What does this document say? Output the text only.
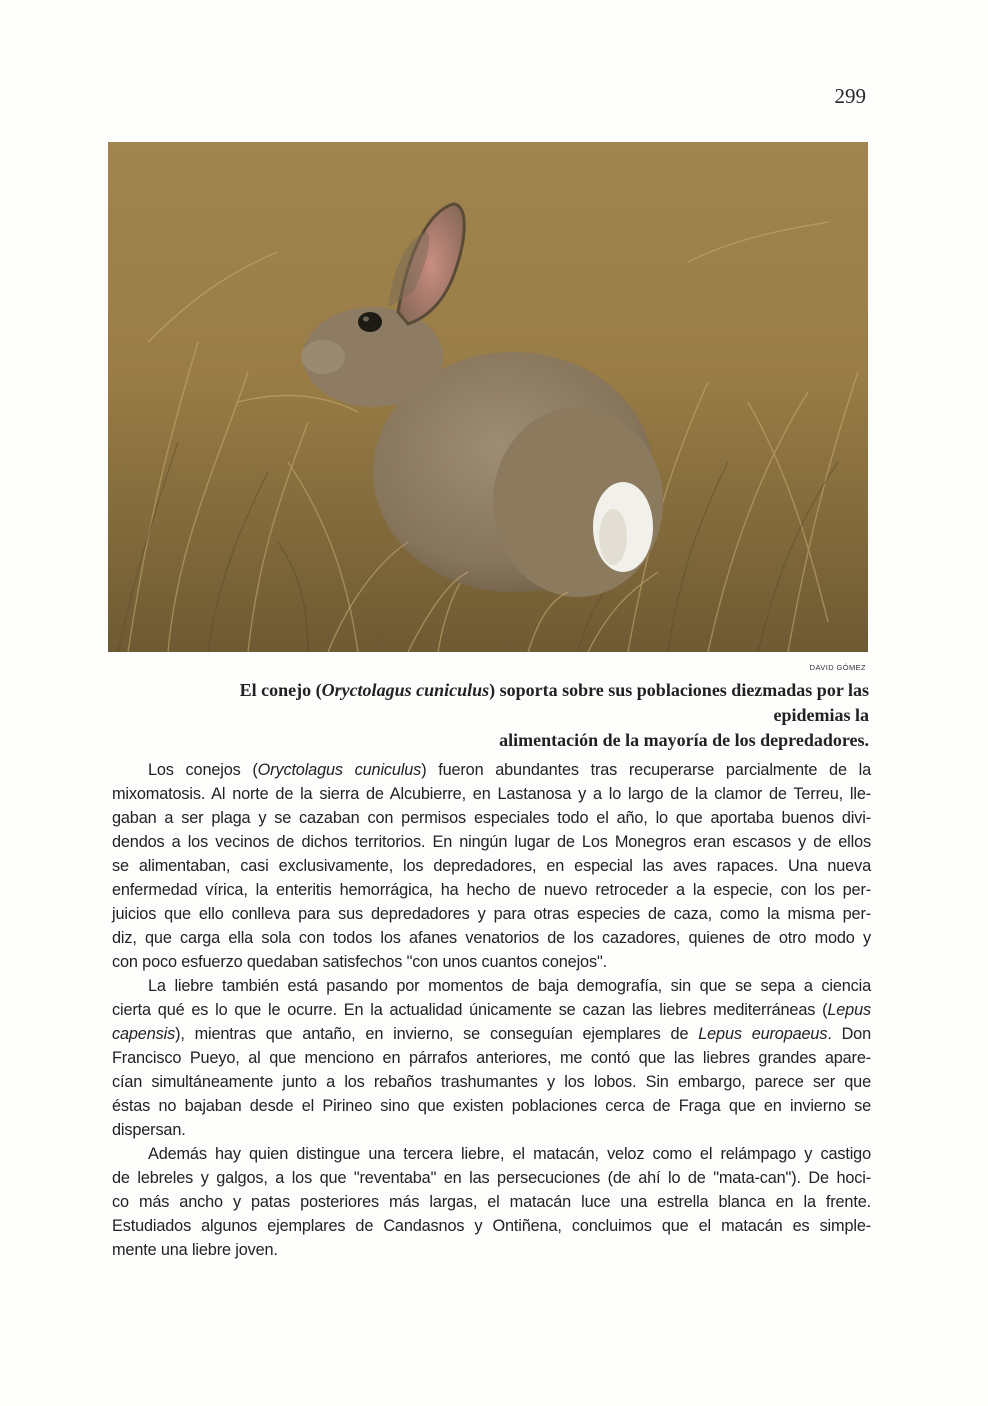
299
DAVID GÓMEZ
El conejo (Oryctolagus cuniculus) soporta sobre sus poblaciones diezmadas por las epidemias la
alimentación de la mayoría de los depredadores.
Los conejos (Oryctolagus cuniculus) fueron abundantes tras recuperarse parcialmente de la
mixomatosis. Al norte de la sierra de Alcubierre, en Lastanosa y a lo largo de la clamor de Terreu, lle-
gaban a ser plaga y se cazaban con permisos especiales todo el año, lo que aportaba buenos divi-
dendos a los vecinos de dichos territorios. En ningún lugar de Los Monegros eran escasos y de ellos
se alimentaban, casi exclusivamente, los depredadores, en especial las aves rapaces. Una nueva
enfermedad vírica, la enteritis hemorrágica, ha hecho de nuevo retroceder a la especie, con los per-
juicios que ello conlleva para sus depredadores y para otras especies de caza, como la misma per-
diz, que carga ella sola con todos los afanes venatorios de los cazadores, quienes de otro modo y
con poco esfuerzo quedaban satisfechos "con unos cuantos conejos".
La liebre también está pasando por momentos de baja demografía, sin que se sepa a ciencia
cierta qué es lo que le ocurre. En la actualidad únicamente se cazan las liebres mediterráneas (Lepus
capensis), mientras que antaño, en invierno, se conseguían ejemplares de Lepus europaeus. Don
Francisco Pueyo, al que menciono en párrafos anteriores, me contó que las liebres grandes apare-
cían simultáneamente junto a los rebaños trashumantes y los lobos. Sin embargo, parece ser que
éstas no bajaban desde el Pirineo sino que existen poblaciones cerca de Fraga que en invierno se
dispersan.
Además hay quien distingue una tercera liebre, el matacán, veloz como el relámpago y castigo
de lebreles y galgos, a los que "reventaba" en las persecuciones (de ahí lo de "mata-can"). De hoci-
co más ancho y patas posteriores más largas, el matacán luce una estrella blanca en la frente.
Estudiados algunos ejemplares de Candasnos y Ontiñena, concluimos que el matacán es simple-
mente una liebre joven.
